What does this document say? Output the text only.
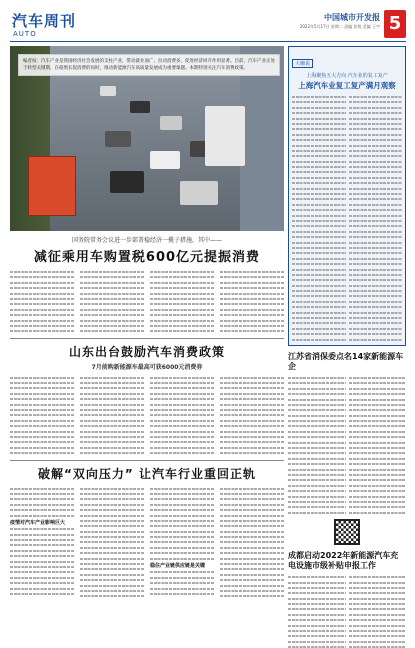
汽车周刊
AUTO
中国城市开发报
2022年5月17日 星期二 责编 张悦 美编 王宇 5
编者按：汽车产业是我国经济社会发展的支柱产业，带动就业面广、拉动消费多，促进经济回升作用显著。目前，汽车产业正处于转型关键期，在稳增长促消费的同时，推动新能源汽车高质量发展成为重要课题。本期特别关注汽车消费政策。
国务院常务会议进一步部署稳经济一揽子措施，其中——
减征乘用车购置税600亿元提振消费
山东出台鼓励汽车消费政策
7月前购新能源车最高可获6000元消费券
破解“双向压力” 让汽车行业重回正轨
疫情对汽车产业影响巨大
稳住产业链供应链是关键
大咖说
上海聚焦五大方向 汽车业的复工复产
上海汽车业复工复产满月观察
江苏省消保委点名14家新能源车企
成都启动2022年新能源汽车充电设施市级补贴申报工作
